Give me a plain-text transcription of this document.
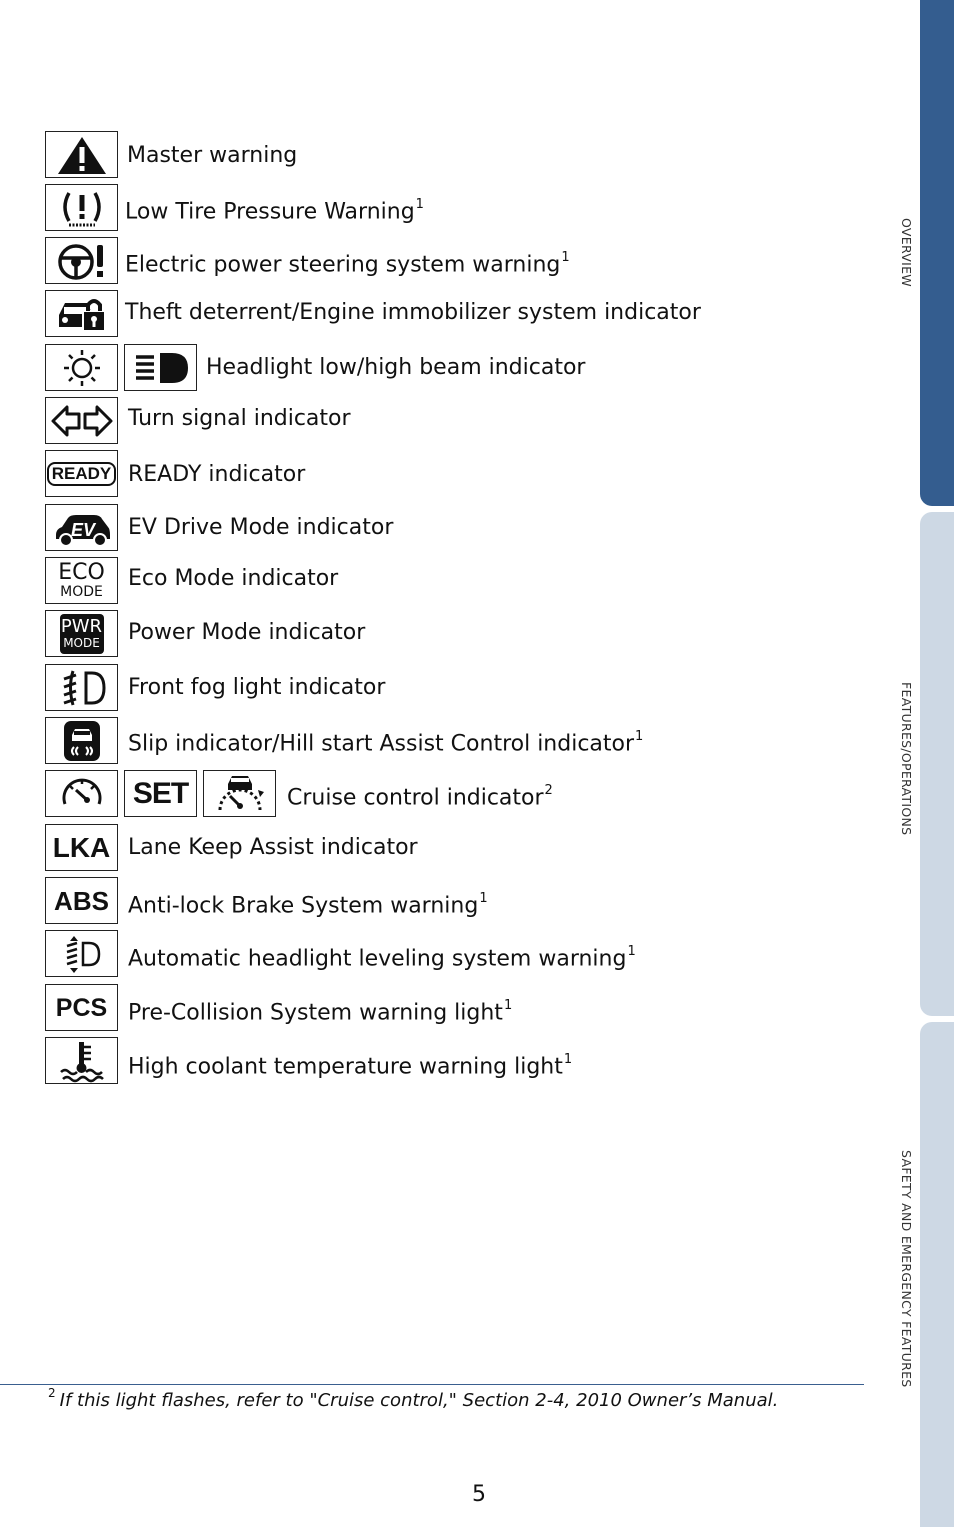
OVERVIEW
FEATURES/OPERATIONS
SAFETY AND EMERGENCY FEATURES
Master warning
Low Tire Pressure Warning$^1$
Electric power steering system warning$^1$
Theft deterrent/Engine immobilizer system indicator
Headlight low/high beam indicator
Turn signal indicator
READY READY indicator
EV EV Drive Mode indicator
ECO
MODE
Eco Mode indicator
PWR
MODE Power Mode indicator
Front fog light indicator
Slip indicator/Hill start Assist Control indicator$^1$
SET	Cruise control indicator$^2$
LKA Lane Keep Assist indicator
ABS Anti-lock Brake System warning$^1$
Automatic headlight leveling system warning$^1$
PCS Pre-Collision System warning light$^1$
High coolant temperature warning light$^1$
$^2$ If this light flashes, refer to "Cruise control," Section 2-4, 2010 Owner’s Manual.
5
